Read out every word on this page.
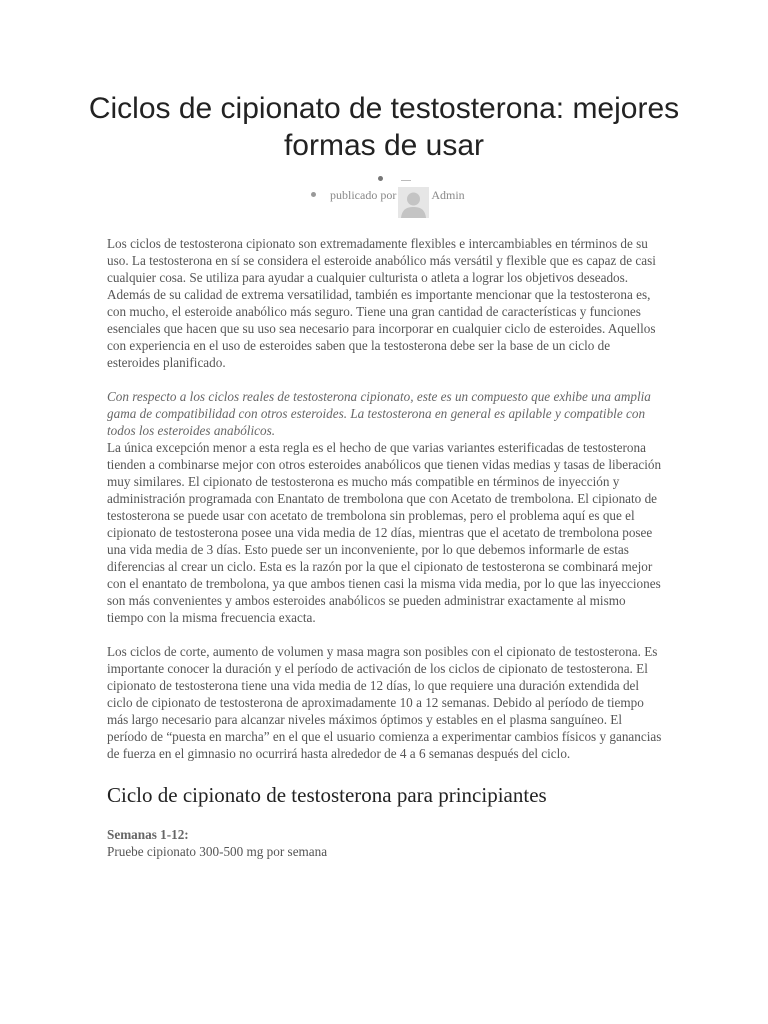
Ciclos de cipionato de testosterona: mejores formas de usar
publicado por	Admin

Los ciclos de testosterona cipionato son extremadamente flexibles e intercambiables en términos de su uso. La testosterona en sí se considera el esteroide anabólico más versátil y flexible que es capaz de casi cualquier cosa. Se utiliza para ayudar a cualquier culturista o atleta a lograr los objetivos deseados. Además de su calidad de extrema versatilidad, también es importante mencionar que la testosterona es, con mucho, el esteroide anabólico más seguro. Tiene una gran cantidad de características y funciones esenciales que hacen que su uso sea necesario para incorporar en cualquier ciclo de esteroides. Aquellos con experiencia en el uso de esteroides saben que la testosterona debe ser la base de un ciclo de esteroides planificado.

Con respecto a los ciclos reales de testosterona cipionato, este es un compuesto que exhibe una amplia gama de compatibilidad con otros esteroides. La testosterona en general es apilable y compatible con todos los esteroides anabólicos.

La única excepción menor a esta regla es el hecho de que varias variantes esterificadas de testosterona tienden a combinarse mejor con otros esteroides anabólicos que tienen vidas medias y tasas de liberación muy similares. El cipionato de testosterona es mucho más compatible en términos de inyección y administración programada con Enantato de trembolona que con Acetato de trembolona. El cipionato de testosterona se puede usar con acetato de trembolona sin problemas, pero el problema aquí es que el cipionato de testosterona posee una vida media de 12 días, mientras que el acetato de trembolona posee una vida media de 3 días. Esto puede ser un inconveniente, por lo que debemos informarle de estas diferencias al crear un ciclo. Esta es la razón por la que el cipionato de testosterona se combinará mejor con el enantato de trembolona, ya que ambos tienen casi la misma vida media, por lo que las inyecciones son más convenientes y ambos esteroides anabólicos se pueden administrar exactamente al mismo tiempo con la misma frecuencia exacta.

Los ciclos de corte, aumento de volumen y masa magra son posibles con el cipionato de testosterona. Es importante conocer la duración y el período de activación de los ciclos de cipionato de testosterona. El cipionato de testosterona tiene una vida media de 12 días, lo que requiere una duración extendida del ciclo de cipionato de testosterona de aproximadamente 10 a 12 semanas. Debido al período de tiempo más largo necesario para alcanzar niveles máximos óptimos y estables en el plasma sanguíneo. El período de “puesta en marcha” en el que el usuario comienza a experimentar cambios físicos y ganancias de fuerza en el gimnasio no ocurrirá hasta alrededor de 4 a 6 semanas después del ciclo.

Ciclo de cipionato de testosterona para principiantes

Semanas 1-12:

Pruebe cipionato 300-500 mg por semana
